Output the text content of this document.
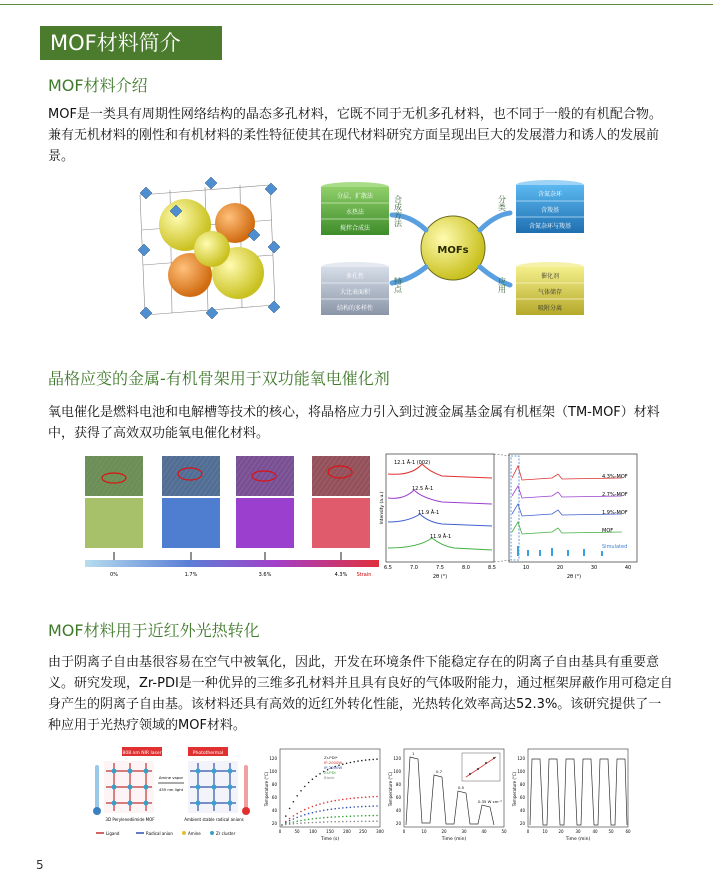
MOF材料简介
MOF材料介绍
MOF是一类具有周期性网络结构的晶态多孔材料，它既不同于无机多孔材料，也不同于一般的有机配合物。兼有无机材料的刚性和有机材料的柔性特征使其在现代材料研究方面呈现出巨大的发展潜力和诱人的发展前景。
MOFs
分层、扩散法
水热法
搅拌合成法
合成方法
多孔性
大比表面积
结构的多样性
特点
含氮杂环
含羧基
含氮杂环与羧基
分类
催化剂
气体储存
吸附分离
应用
晶格应变的金属-有机骨架用于双功能氧电催化剂
氧电催化是燃料电池和电解槽等技术的核心，将晶格应力引入到过渡金属基金属有机框架（TM-MOF）材料中，获得了高效双功能氧电催化材料。
0%	1.7%	3.6%	4.3% Strain
12.1 Å-1 (002)
12.5 Å-1
11.9 Å-1
11.9 Å-1
6.5	7.0	7.5	8.0	8.5
2θ (°)
Intensity (a.u.)
4.3%-MOF
2.7%-MOF
1.9%-MOF
MOF
Simulated
10	20	30	40
2θ (°)
MOF材料用于近红外光热转化
由于阴离子自由基很容易在空气中被氧化，因此，开发在环境条件下能稳定存在的阴离子自由基具有重要意义。研究发现，Zr-PDI是一种优异的三维多孔材料并且具有良好的气体吸附能力，通过框架屏蔽作用可稳定自身产生的阴离子自由基。该材料还具有高效的近红外转化性能，光热转化效率高达52.3%。该研究提供了一种应用于光热疗领域的MOF材料。
808 nm NIR laser	Photothermal
Amine vapor
455 nm light
3D Perylenediimide MOF	Ambient stable radical anions
Ligand	Radical anion	Amine	Zr cluster
Zr-PDI*
IP-2000W
IP-2000W
Zr-PDI
Blank
0	50 100 150 200 250 300
Time (s)
20
40
60
80
100
120
Temperature (°C)
1
0.7
0.5
0.35 W cm⁻²
0	10	20	30	40	50
Time (min)
20
40
60
80
100
120
Temperature (°C)
0	10	20	30	40	50	60
Time (min)
20
40
60
80
100
120
Temperature (°C)
5
